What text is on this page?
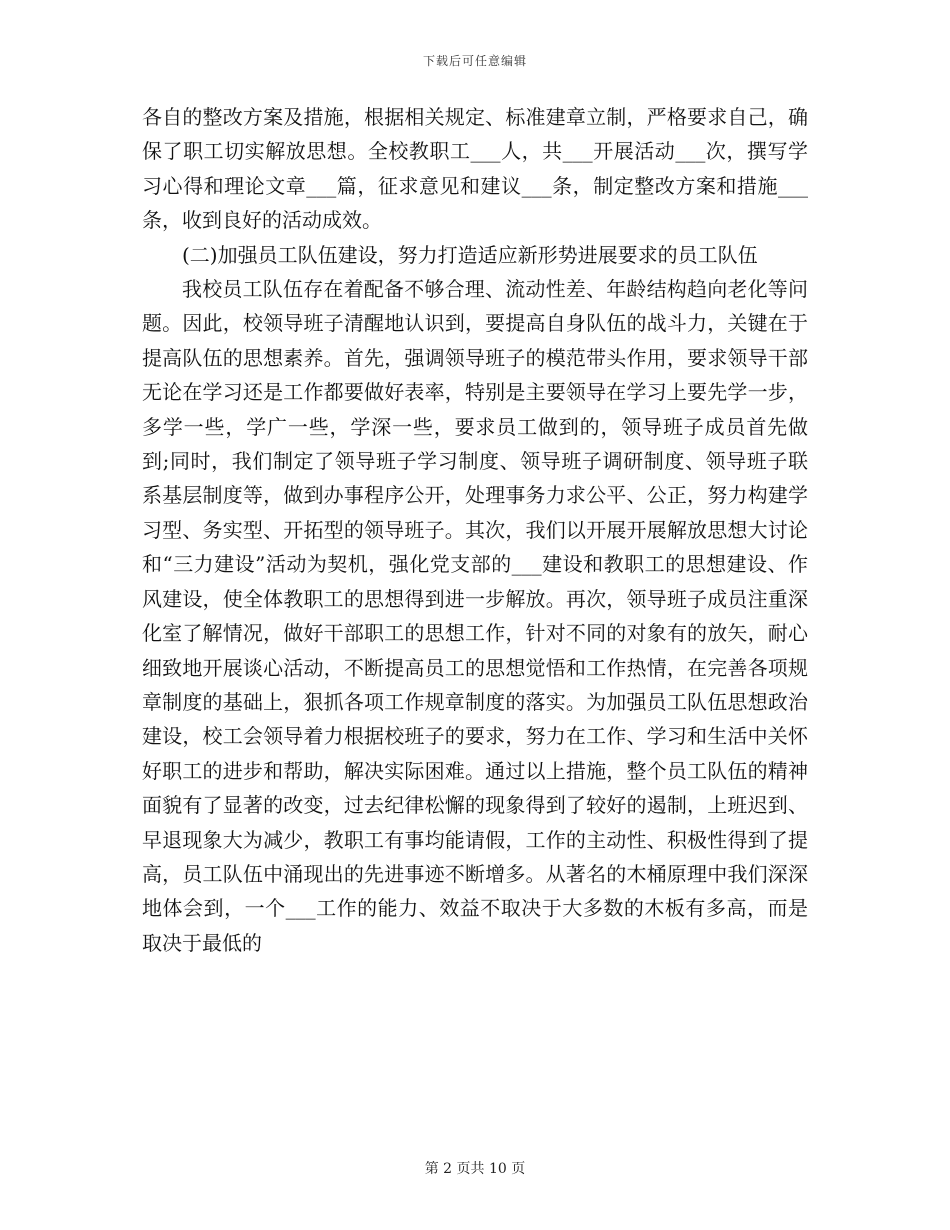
下载后可任意编辑

各自的整改方案及措施，根据相关规定、标准建章立制，严格要求自己，确保了职工切实解放思想。全校教职工___人，共___开展活动___次，撰写学习心得和理论文章___篇，征求意见和建议___条，制定整改方案和措施___条，收到良好的活动成效。

(二)加强员工队伍建设，努力打造适应新形势进展要求的员工队伍

我校员工队伍存在着配备不够合理、流动性差、年龄结构趋向老化等问题。因此，校领导班子清醒地认识到，要提高自身队伍的战斗力，关键在于提高队伍的思想素养。首先，强调领导班子的模范带头作用，要求领导干部无论在学习还是工作都要做好表率，特别是主要领导在学习上要先学一步，多学一些，学广一些，学深一些，要求员工做到的，领导班子成员首先做到;同时，我们制定了领导班子学习制度、领导班子调研制度、领导班子联系基层制度等，做到办事程序公开，处理事务力求公平、公正，努力构建学习型、务实型、开拓型的领导班子。其次，我们以开展开展解放思想大讨论和“三力建设”活动为契机，强化党支部的___建设和教职工的思想建设、作风建设，使全体教职工的思想得到进一步解放。再次，领导班子成员注重深化室了解情况，做好干部职工的思想工作，针对不同的对象有的放矢，耐心细致地开展谈心活动，不断提高员工的思想觉悟和工作热情，在完善各项规章制度的基础上，狠抓各项工作规章制度的落实。为加强员工队伍思想政治建设，校工会领导着力根据校班子的要求，努力在工作、学习和生活中关怀好职工的进步和帮助，解决实际困难。通过以上措施，整个员工队伍的精神面貌有了显著的改变，过去纪律松懈的现象得到了较好的遏制，上班迟到、早退现象大为减少，教职工有事均能请假，工作的主动性、积极性得到了提高，员工队伍中涌现出的先进事迹不断增多。从著名的木桶原理中我们深深地体会到，一个___工作的能力、效益不取决于大多数的木板有多高，而是取决于最低的

第 2 页共 10 页
